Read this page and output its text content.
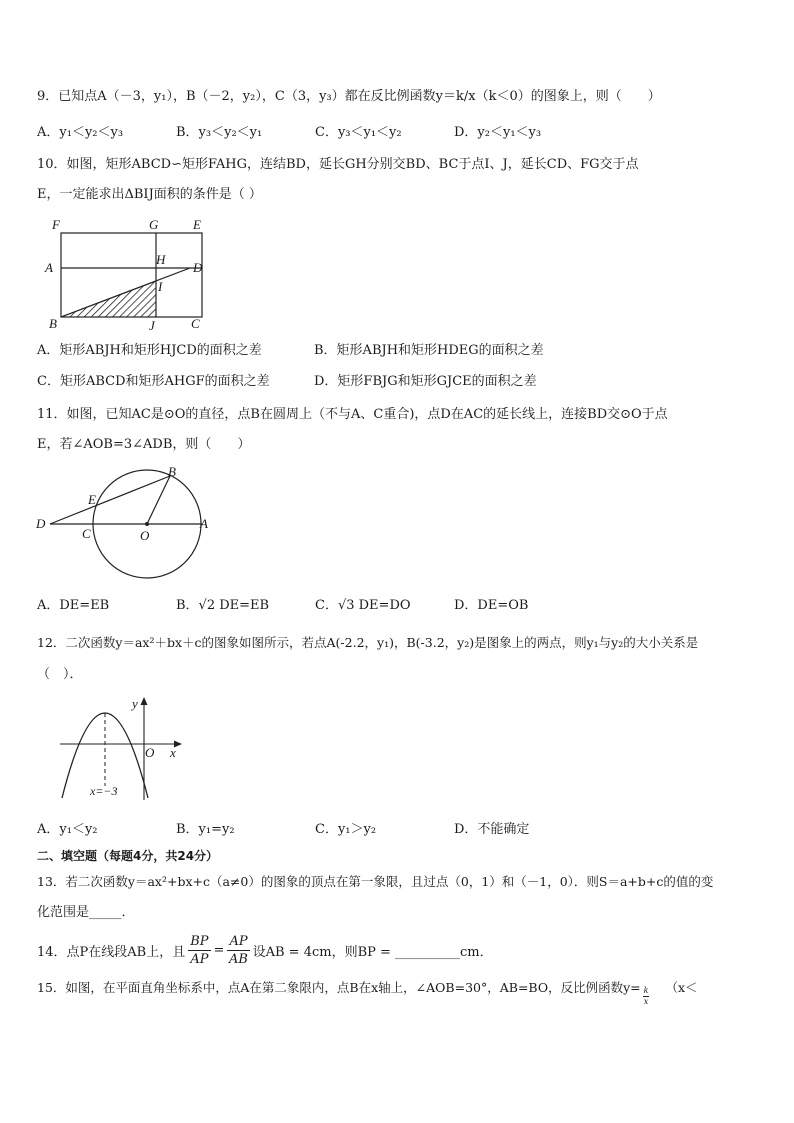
9．已知点A（－3，y₁），B（－2，y₂），C（3，y₃）都在反比例函数y＝k/x（k＜0）的图象上，则（　　）
A．y₁＜y₂＜y₃	B．y₃＜y₂＜y₁	C．y₃＜y₁＜y₂	D．y₂＜y₁＜y₃
10．如图，矩形ABCD∽矩形FAHG，连结BD，延长GH分别交BD、BC于点I、J，延长CD、FG交于点
E，一定能求出ΔBIJ面积的条件是（ ）
F	G	E
A
H
D
I
B	J	C
A．矩形ABJH和矩形HJCD的面积之差	B．矩形ABJH和矩形HDEG的面积之差
C．矩形ABCD和矩形AHGF的面积之差	D．矩形FBJG和矩形GJCE的面积之差
11．如图，已知AC是⊙O的直径，点B在圆周上（不与A、C重合)，点D在AC的延长线上，连接BD交⊙O于点
E，若∠AOB=3∠ADB，则（　　）
B
E
D
C	O
A
A．DE=EB	B．√2 DE=EB	C．√3 DE=DO	D．DE=OB
12．二次函数y＝ax²＋bx＋c的图象如图所示，若点A(-2.2，y₁)，B(-3.2，y₂)是图象上的两点，则y₁与y₂的大小关系是
（　）．
y
O x
x=−3
A．y₁＜y₂	B．y₁=y₂	C．y₁＞y₂	D．不能确定
二、填空题（每题4分，共24分）
13．若二次函数y＝ax²+bx+c（a≠0）的图象的顶点在第一象限，且过点（0，1）和（－1，0）．则S＝a+b+c的值的变
化范围是_____．
14．点P在线段AB上，且 $\frac{BP}{AP} = \frac{AP}{AB}$ 设AB = 4cm，则BP = __________cm．
15．如图，在平面直角坐标系中，点A在第二象限内，点B在x轴上，∠AOB=30°，AB=BO，反比例函数$y= \frac{k}{x} (x<$
